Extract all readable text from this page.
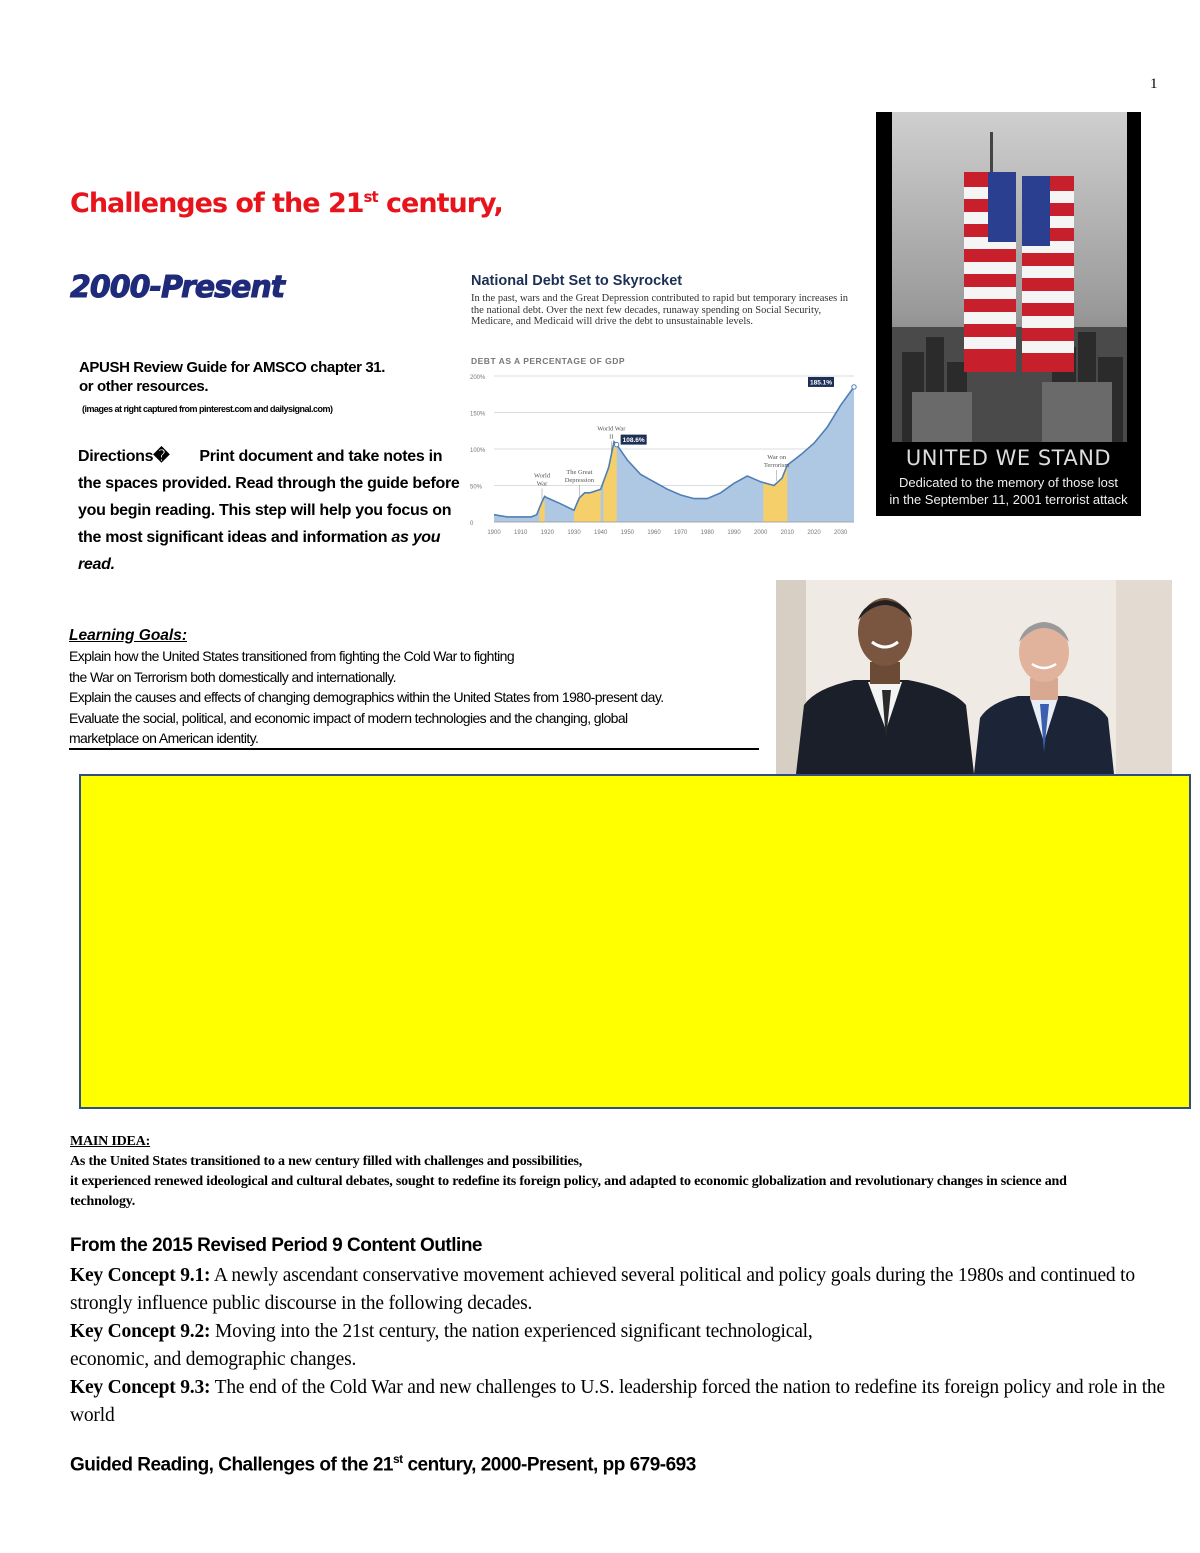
1
Challenges of the 21st century,
2000-Present
APUSH Review Guide for AMSCO chapter 31.
or other resources.
(images at right captured from pinterest.com and dailysignal.com)
Directions� Print document and take notes in the spaces provided. Read through the guide before you begin reading. This step will help you focus on the most significant ideas and information as you read.
National Debt Set to Skyrocket
In the past, wars and the Great Depression contributed to rapid but temporary increases in the national debt. Over the next few decades, runaway spending on Social Security, Medicare, and Medicaid will drive the debt to unsustainable levels.
DEBT AS A PERCENTAGE OF GDP
0
50%
100%
150%
200%
1900 1910 1920 1930 1940 1950 1960 1970 1980 1990 2000 2010 2020 2030
World War
The Great Depression
World War II
108.6%
War on Terrorism
185.1%
UNITED WE STAND
Dedicated to the memory of those lost
in the September 11, 2001 terrorist attack
Learning Goals:
Explain how the United States transitioned from fighting the Cold War to fighting
the War on Terrorism both domestically and internationally.
Explain the causes and effects of changing demographics within the United States from 1980-present day.
Evaluate the social, political, and economic impact of modern technologies and the changing, global
marketplace on American identity.
MAIN IDEA:
As the United States transitioned to a new century filled with challenges and possibilities,
it experienced renewed ideological and cultural debates, sought to redefine its foreign policy, and adapted to economic globalization and revolutionary changes in science and technology.
From the 2015 Revised Period 9 Content Outline
Key Concept 9.1: A newly ascendant conservative movement achieved several political and policy goals during the 1980s and continued to strongly influence public discourse in the following decades.
Key Concept 9.2: Moving into the 21st century, the nation experienced significant technological,
economic, and demographic changes.
Key Concept 9.3: The end of the Cold War and new challenges to U.S. leadership forced the nation to redefine its foreign policy and role in the world
Guided Reading, Challenges of the 21st century, 2000-Present, pp 679-693
